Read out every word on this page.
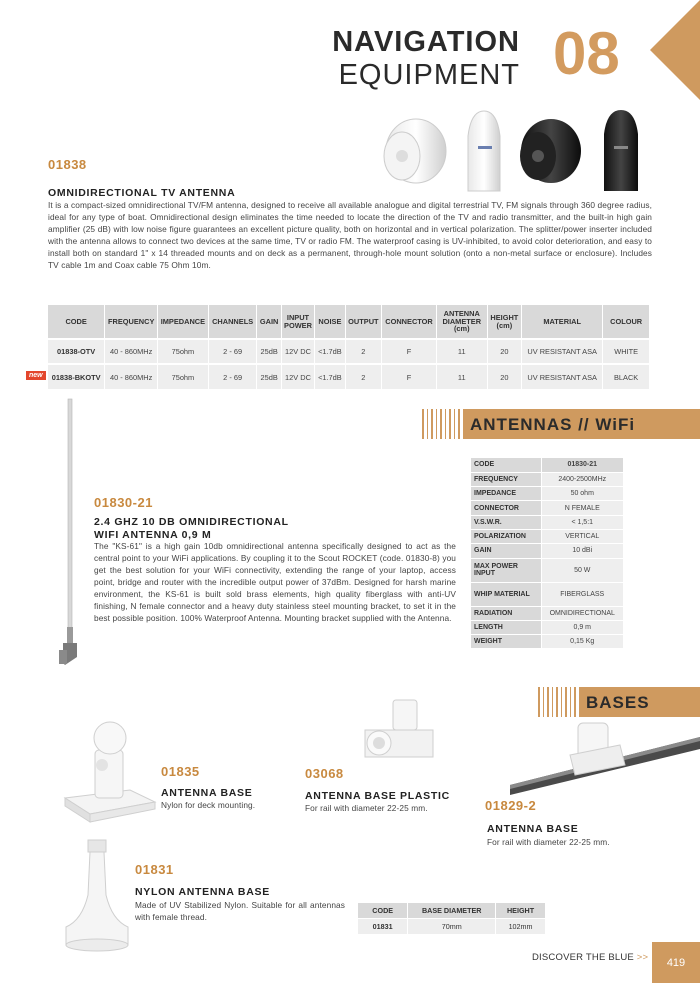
NAVIGATION
EQUIPMENT 08
01838
OMNIDIRECTIONAL TV ANTENNA
It is a compact-sized omnidirectional TV/FM antenna, designed to receive all available analogue and digital terrestrial TV, FM signals through 360 degree radius, ideal for any type of boat. Omnidirectional design eliminates the time needed to locate the direction of the TV and radio transmitter, and the built-in high gain amplifier (25 dB) with low noise figure guarantees an excellent picture quality, both on horizontal and in vertical polarization. The splitter/power inserter included with the antenna allows to connect two devices at the same time, TV or radio FM. The waterproof casing is UV-inhibited, to avoid color deterioration, and easy to install both on standard 1" x 14 threaded mounts and on deck as a permanent, through-hole mount solution (onto a non-metal surface or enclosure). Includes TV cable 1m and Coax cable 75 Ohm 10m.
new
CODE	FREQUENCY	IMPEDANCE	CHANNELS	GAIN	INPUT POWER	NOISE	OUTPUT	CONNECTOR	ANTENNA DIAMETER (cm)	HEIGHT (cm)	MATERIAL	COLOUR
01838-OTV	40 - 860MHz	75ohm	2 - 69	25dB	12V DC	<1.7dB	2	F	11	20	UV RESISTANT ASA	WHITE
01838-BKOTV	40 - 860MHz	75ohm	2 - 69	25dB	12V DC	<1.7dB	2	F	11	20	UV RESISTANT ASA	BLACK
ANTENNAS // WiFi
01830-21
2.4 GHZ 10 DB OMNIDIRECTIONAL
WIFI ANTENNA 0,9 M
The "KS-61" is a high gain 10db omnidirectional antenna specifically designed to act as the central point to your WiFi applications. By coupling it to the Scout ROCKET (code. 01830-8) you get the best solution for your WiFi connectivity, extending the range of your laptop, access point, bridge and router with the incredible output power of 37dBm. Designed for harsh marine environment, the KS-61 is built sold brass elements, high quality fiberglass with anti-UV finishing, N female connector and a heavy duty stainless steel mounting bracket, to set it in the best possible position. 100% Waterproof Antenna. Mounting bracket supplied with the Antenna.
CODE	01830-21
FREQUENCY	2400-2500MHz
IMPEDANCE	50 ohm
CONNECTOR	N FEMALE
V.S.W.R.	< 1,5:1
POLARIZATION	VERTICAL
GAIN	10 dBi
MAX POWER INPUT	50 W
WHIP MATERIAL	FIBERGLASS
RADIATION	OMNIDIRECTIONAL
LENGTH	0,9 m
WEIGHT	0,15 Kg
BASES
01835
ANTENNA BASE
Nylon for deck mounting.
03068
ANTENNA BASE PLASTIC
For rail with diameter 22-25 mm.	01829-2
ANTENNA BASE
For rail with diameter 22-25 mm.
01831
NYLON ANTENNA BASE
Made of UV Stabilized Nylon. Suitable for all antennas with female thread.
CODE	BASE DIAMETER	HEIGHT
01831	70mm	102mm
DISCOVER THE BLUE >>	419
